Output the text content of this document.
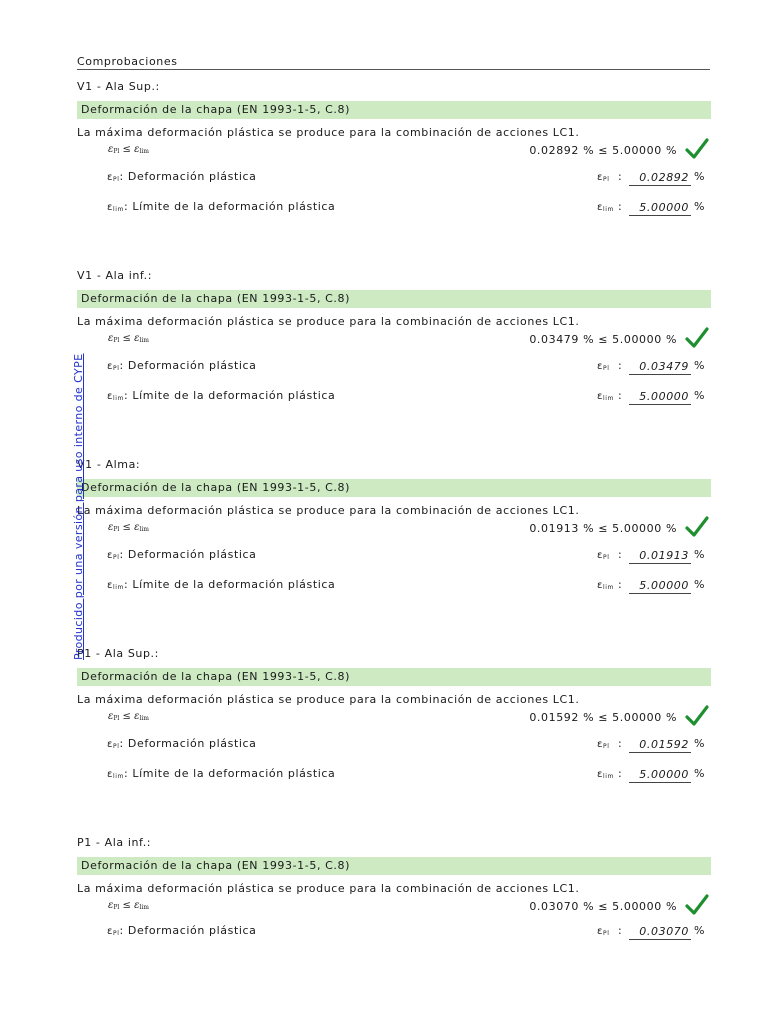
Comprobaciones
V1 - Ala Sup.:
Deformación de la chapa (EN 1993-1-5, C.8)
La máxima deformación plástica se produce para la combinación de acciones LC1.
$\varepsilon_{Pl} \le \varepsilon_{lim}$	0.02892 % ≤ 5.00000 %
$\varepsilon_{Pl}$: Deformación plástica	$\varepsilon_{Pl}$ :	0.02892 %
$\varepsilon_{lim}$: Límite de la deformación plástica	$\varepsilon_{lim}$ :	5.00000 %
V1 - Ala inf.:
Deformación de la chapa (EN 1993-1-5, C.8)
La máxima deformación plástica se produce para la combinación de acciones LC1.
$\varepsilon_{Pl} \le \varepsilon_{lim}$	0.03479 % ≤ 5.00000 %
$\varepsilon_{Pl}$: Deformación plástica	$\varepsilon_{Pl}$ :	0.03479 %
$\varepsilon_{lim}$: Límite de la deformación plástica	$\varepsilon_{lim}$ :	5.00000 %
V1 - Alma:
Deformación de la chapa (EN 1993-1-5, C.8)
La máxima deformación plástica se produce para la combinación de acciones LC1.
$\varepsilon_{Pl} \le \varepsilon_{lim}$	0.01913 % ≤ 5.00000 %
$\varepsilon_{Pl}$: Deformación plástica	$\varepsilon_{Pl}$ :	0.01913 %
$\varepsilon_{lim}$: Límite de la deformación plástica	$\varepsilon_{lim}$ :	5.00000 %
P1 - Ala Sup.:
Deformación de la chapa (EN 1993-1-5, C.8)
La máxima deformación plástica se produce para la combinación de acciones LC1.
$\varepsilon_{Pl} \le \varepsilon_{lim}$	0.01592 % ≤ 5.00000 %
$\varepsilon_{Pl}$: Deformación plástica	$\varepsilon_{Pl}$ :	0.01592 %
$\varepsilon_{lim}$: Límite de la deformación plástica	$\varepsilon_{lim}$ :	5.00000 %
P1 - Ala inf.:
Deformación de la chapa (EN 1993-1-5, C.8)
La máxima deformación plástica se produce para la combinación de acciones LC1.
$\varepsilon_{Pl} \le \varepsilon_{lim}$	0.03070 % ≤ 5.00000 %
$\varepsilon_{Pl}$: Deformación plástica	$\varepsilon_{Pl}$ :	0.03070 %
Producido por una versión para uso interno de CYPE
